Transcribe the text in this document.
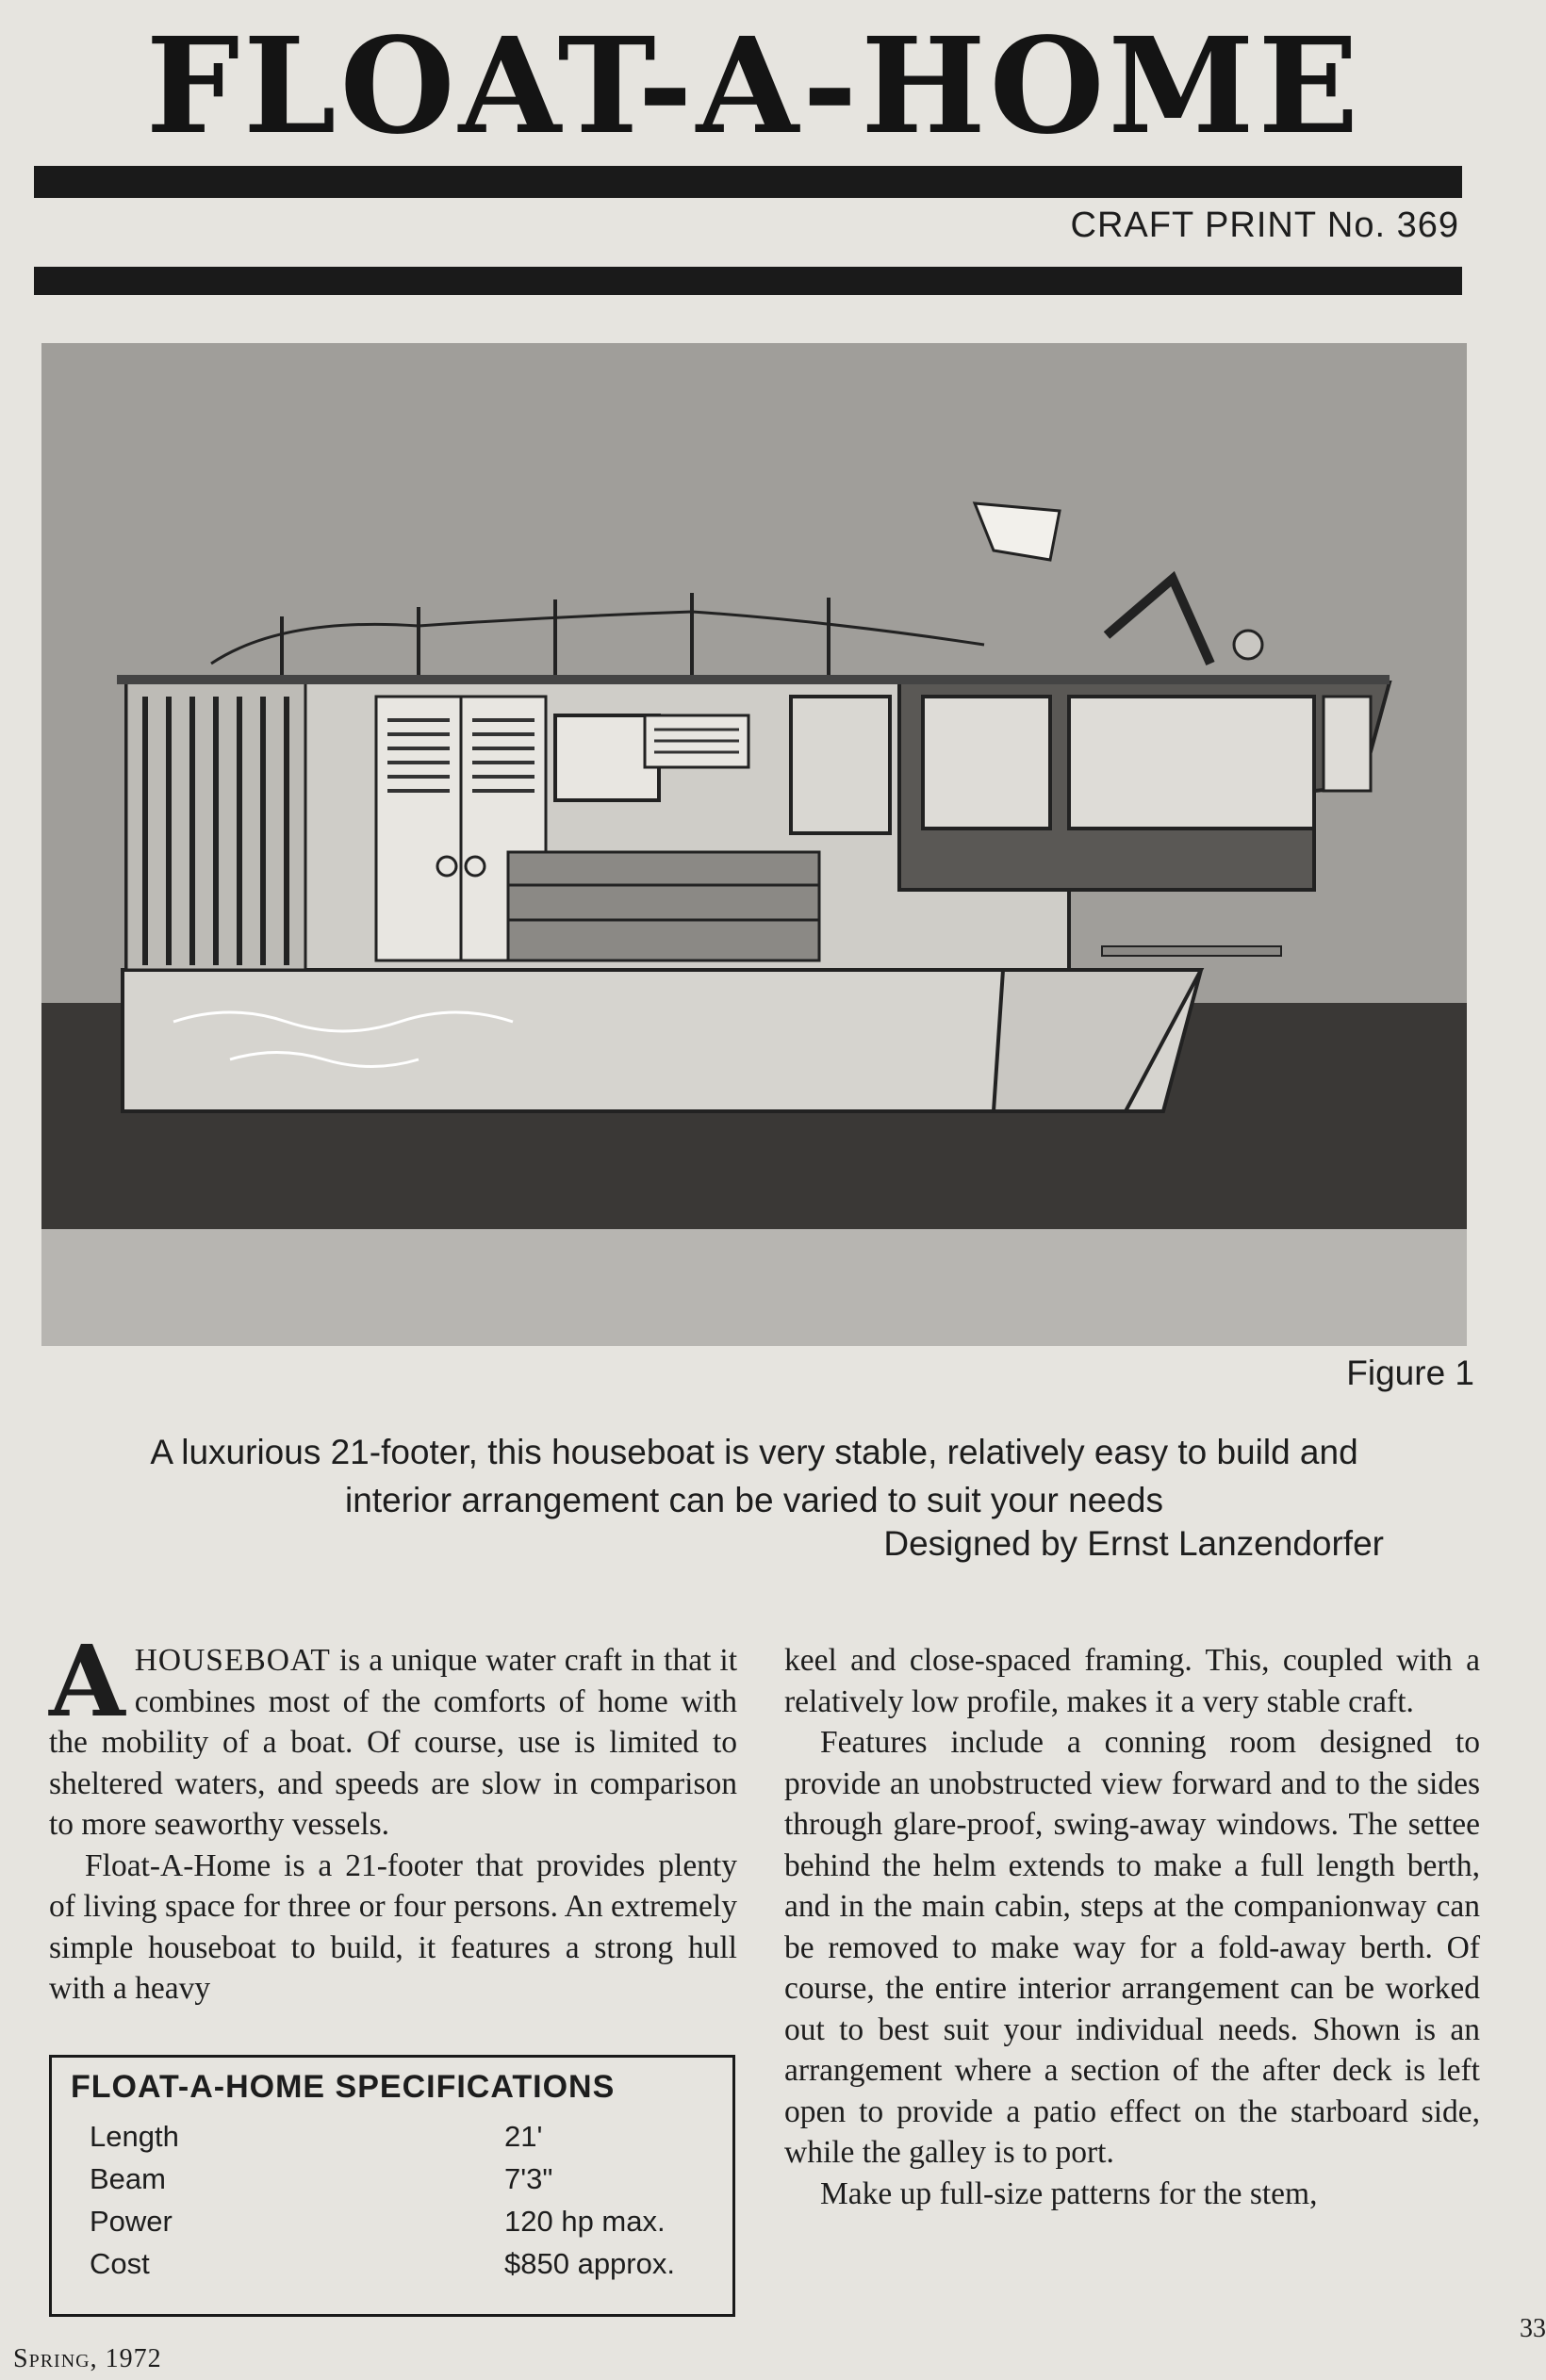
FLOAT-A-HOME
CRAFT PRINT No. 369
Figure 1
A luxurious 21-footer, this houseboat is very stable, relatively easy to build and interior arrangement can be varied to suit your needs
Designed by Ernst Lanzendorfer

AHOUSEBOAT is a unique water craft in that it combines most of the comforts of home with the mobility of a boat. Of course, use is limited to sheltered waters, and speeds are slow in comparison to more seaworthy vessels.

Float-A-Home is a 21-footer that provides plenty of living space for three or four persons. An extremely simple houseboat to build, it features a strong hull with a heavy

FLOAT-A-HOME SPECIFICATIONS
Length	21'
Beam	7'3"
Power	120 hp max.
Cost	$850 approx.

keel and close-spaced framing. This, coupled with a relatively low profile, makes it a very stable craft.

Features include a conning room designed to provide an unobstructed view forward and to the sides through glare-proof, swing-away windows. The settee behind the helm extends to make a full length berth, and in the main cabin, steps at the companionway can be removed to make way for a fold-away berth. Of course, the entire interior arrangement can be worked out to best suit your individual needs. Shown is an arrangement where a section of the after deck is left open to provide a patio effect on the starboard side, while the galley is to port.

Make up full-size patterns for the stem,

Spring, 1972
33
